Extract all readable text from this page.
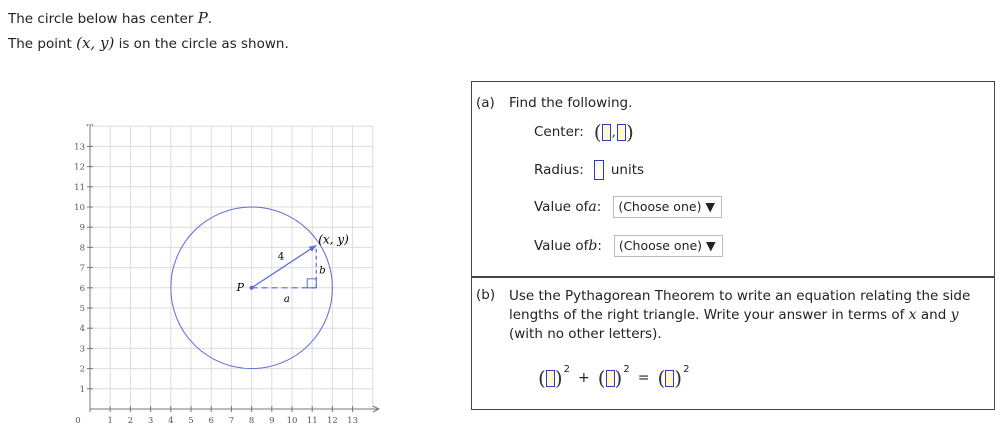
The circle below has center P.
The point (x, y) is on the circle as shown.
0	1 2 3 4 5 6 7 8 9 10 11 12 13
1
2
3
4
5
6
7
8
9
10
11
12
13
P
(x, y)
4
a
b
(a) Find the following.
Center: ( , )
Radius: units
Value of a :	(Choose one) ▼
Value of b :	(Choose one) ▼
(b) Use the Pythagorean Theorem to write an equation relating the side lengths of the right triangle. Write your answer in terms of x and y (with no other letters).
( ) 2
+ ( ) 2
= ( ) 2
